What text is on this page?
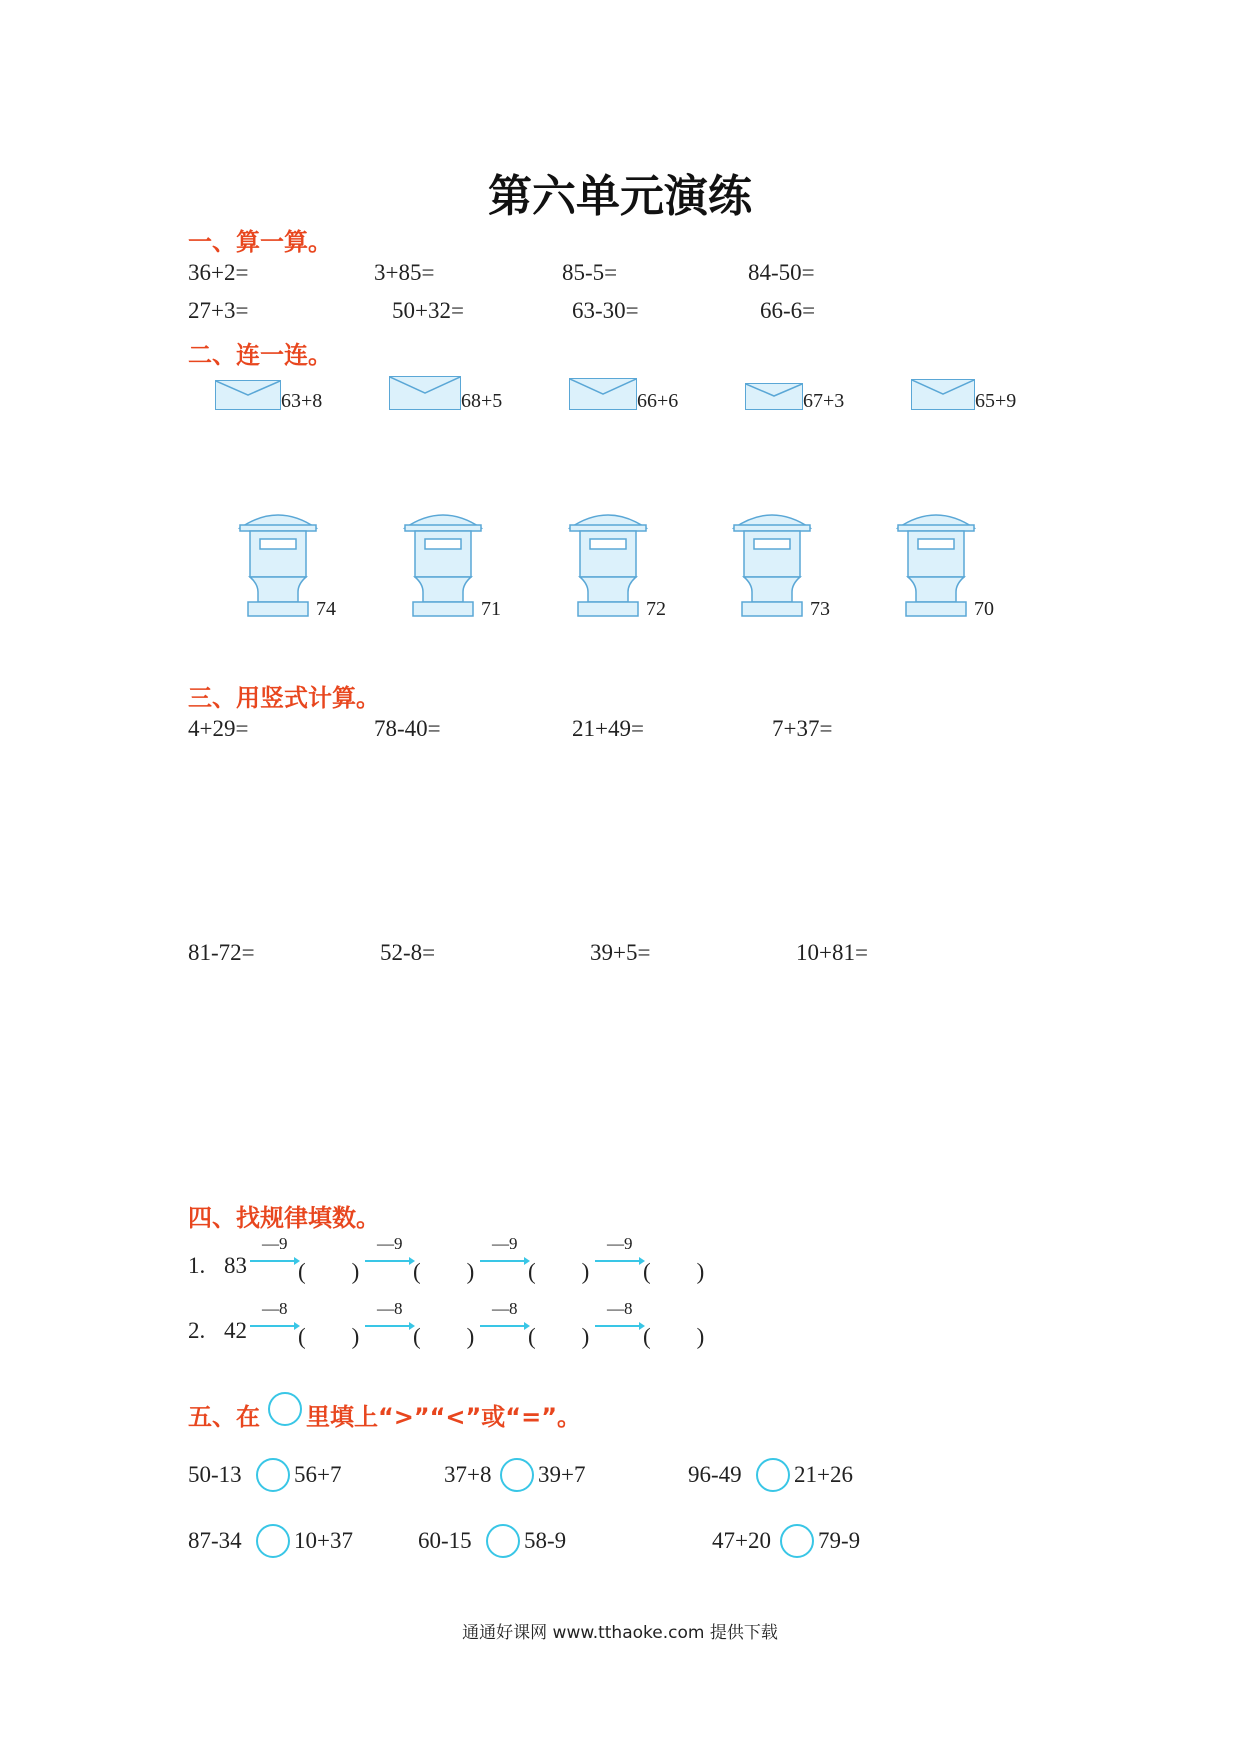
第六单元演练
一、算一算。
36+2=	3+85=	85-5=	84-50=
27+3=	50+32=	63-30=	66-6=
二、连一连。
63+8	68+5	66+6	67+3	65+9
74	71	72	73	70
三、用竖式计算。
4+29=	78-40=	21+49=	7+37=
81-72=	52-8=	39+5=	10+81=
四、找规律填数。
1. 83
—9
(　　)
—9
(　　)
—9
(　　)
—9
(　　)
2. 42
—8
(　　)
—8
(　　)
—8
(　　)
—8
(　　)
五、在 里填上“>”“<”或“=”。
50-13 56+7	37+8 39+7	96-49 21+26
87-34 10+37	60-15 58-9	47+20 79-9
通通好课网 www.tthaoke.com 提供下载
